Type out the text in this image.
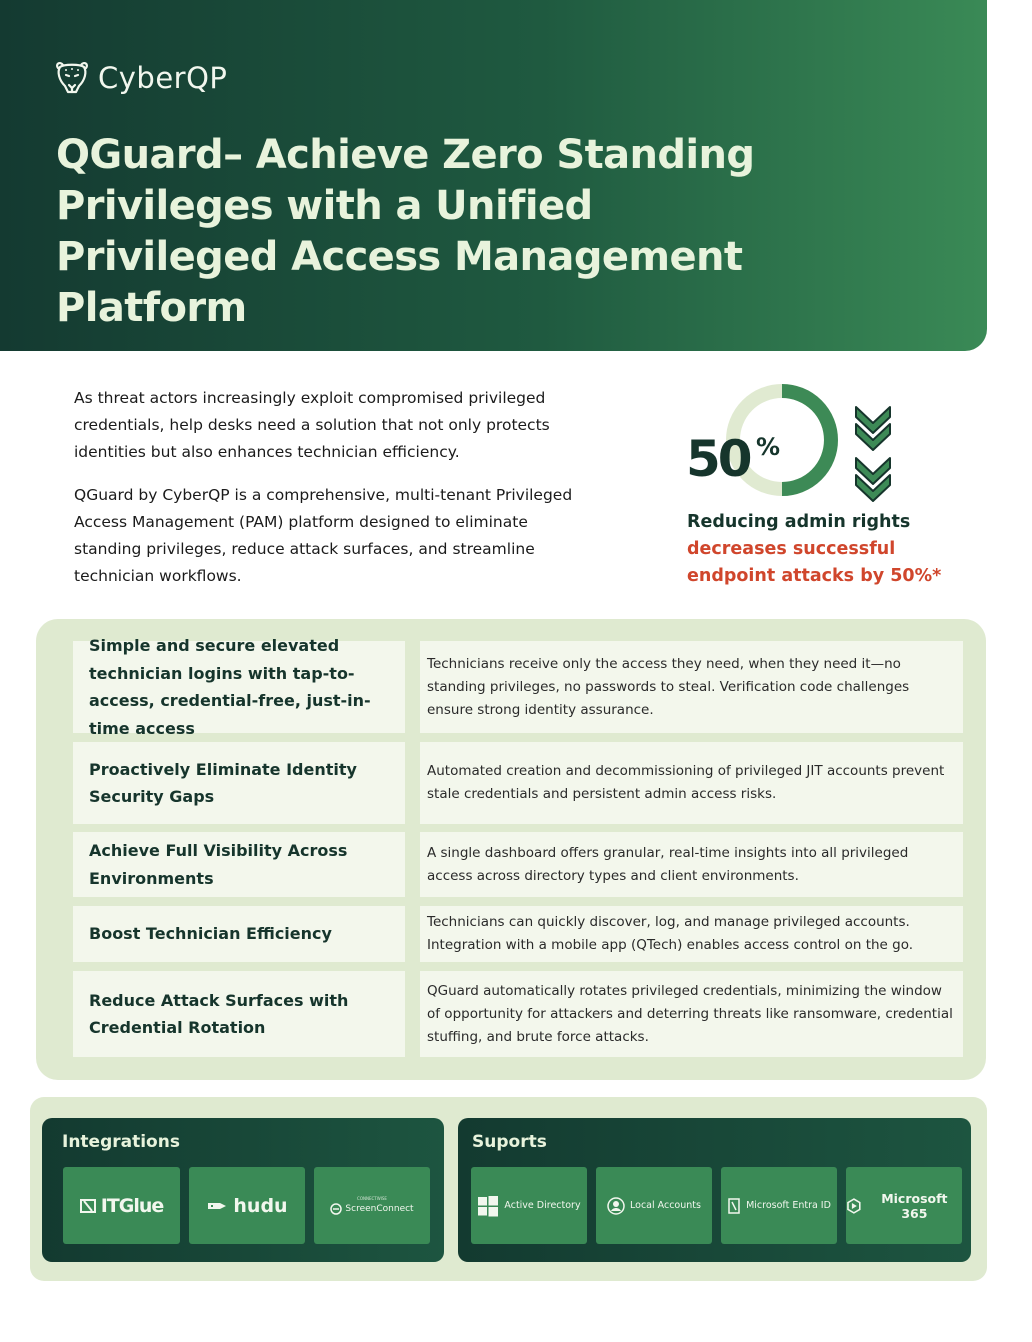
CyberQP
QGuard– Achieve Zero Standing Privileges with a Unified Privileged Access Management Platform

As threat actors increasingly exploit compromised privileged credentials, help desks need a solution that not only protects identities but also enhances technician efficiency.

QGuard by CyberQP is a comprehensive, multi-tenant Privileged Access Management (PAM) platform designed to eliminate standing privileges, reduce attack surfaces, and streamline technician workflows.

50 %
Reducing admin rights
decreases successful
endpoint attacks by 50%*
Simple and secure elevated technician logins with tap-to-access, credential-free, just-in-time access
Technicians receive only the access they need, when they need it—no standing privileges, no passwords to steal. Verification code challenges ensure strong identity assurance.
Proactively Eliminate Identity Security Gaps
Automated creation and decommissioning of privileged JIT accounts prevent stale credentials and persistent admin access risks.
Achieve Full Visibility Across Environments
A single dashboard offers granular, real-time insights into all privileged access across directory types and client environments.
Boost Technician Efficiency
Technicians can quickly discover, log, and manage privileged accounts. Integration with a mobile app (QTech) enables access control on the go.
Reduce Attack Surfaces with Credential Rotation
QGuard automatically rotates privileged credentials, minimizing the window of opportunity for attackers and deterring threats like ransomware, credential stuffing, and brute force attacks.
Integrations
ITGlue	hudu	CONNECTWISE
ScreenConnect
Suports
Active Directory	Local Accounts	Microsoft Entra ID	Microsoft 365
